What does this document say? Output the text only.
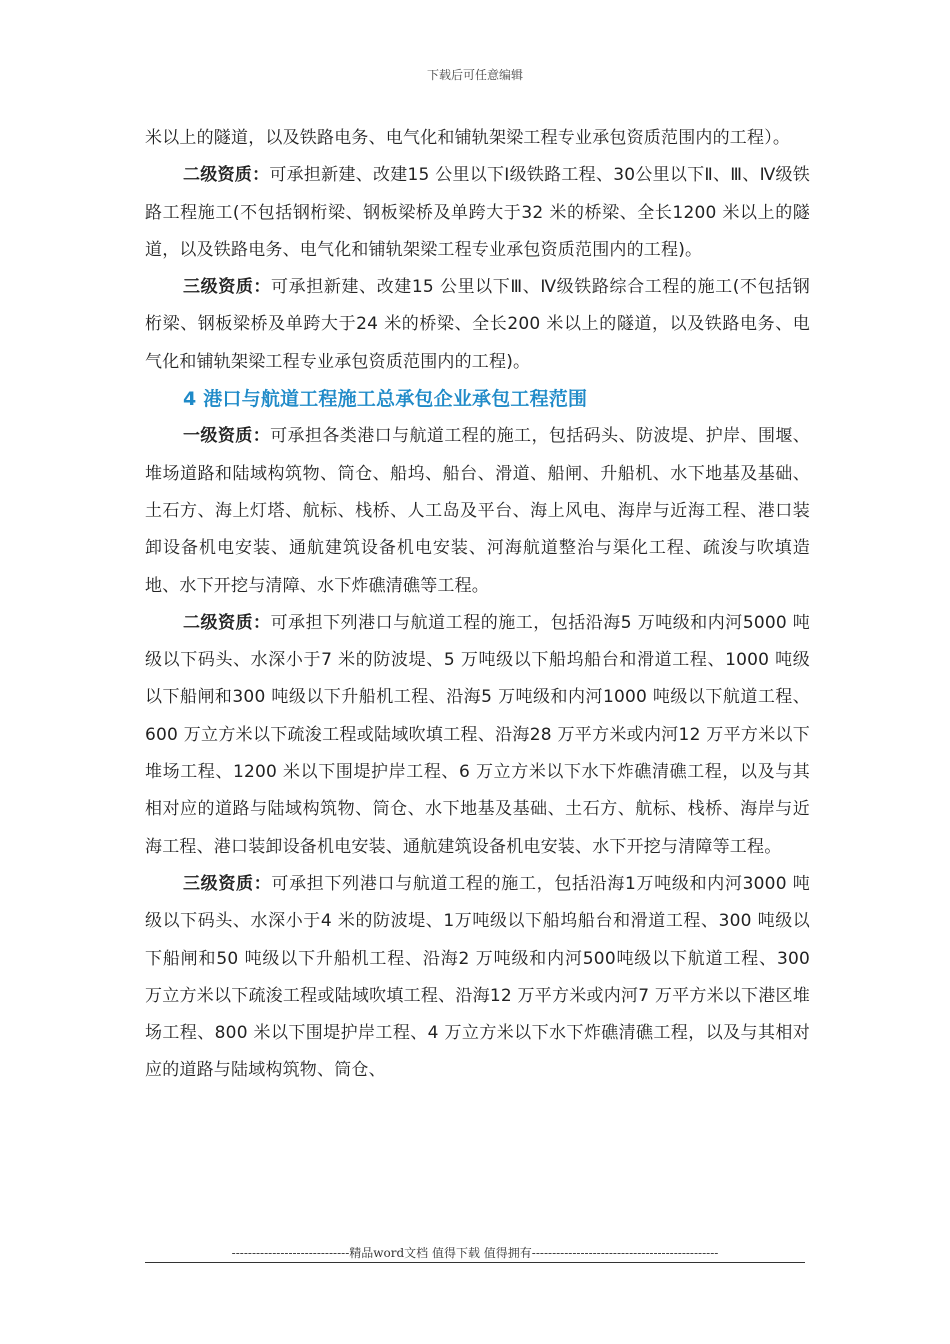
下载后可任意编辑

米以上的隧道，以及铁路电务、电气化和铺轨架梁工程专业承包资质范围内的工程）。

二级资质：可承担新建、改建15 公里以下Ⅰ级铁路工程、30公里以下Ⅱ、Ⅲ、Ⅳ级铁路工程施工(不包括钢桁梁、钢板梁桥及单跨大于32 米的桥梁、全长1200 米以上的隧道，以及铁路电务、电气化和铺轨架梁工程专业承包资质范围内的工程)。

三级资质：可承担新建、改建15 公里以下Ⅲ、Ⅳ级铁路综合工程的施工(不包括钢桁梁、钢板梁桥及单跨大于24 米的桥梁、全长200 米以上的隧道，以及铁路电务、电气化和铺轨架梁工程专业承包资质范围内的工程)。

4 港口与航道工程施工总承包企业承包工程范围

一级资质：可承担各类港口与航道工程的施工，包括码头、防波堤、护岸、围堰、堆场道路和陆域构筑物、筒仓、船坞、船台、滑道、船闸、升船机、水下地基及基础、土石方、海上灯塔、航标、栈桥、人工岛及平台、海上风电、海岸与近海工程、港口装卸设备机电安装、通航建筑设备机电安装、河海航道整治与渠化工程、疏浚与吹填造地、水下开挖与清障、水下炸礁清礁等工程。

二级资质：可承担下列港口与航道工程的施工，包括沿海5 万吨级和内河5000 吨级以下码头、水深小于7 米的防波堤、5 万吨级以下船坞船台和滑道工程、1000 吨级以下船闸和300 吨级以下升船机工程、沿海5 万吨级和内河1000 吨级以下航道工程、600 万立方米以下疏浚工程或陆域吹填工程、沿海28 万平方米或内河12 万平方米以下堆场工程、1200 米以下围堤护岸工程、6 万立方米以下水下炸礁清礁工程，以及与其相对应的道路与陆域构筑物、筒仓、水下地基及基础、土石方、航标、栈桥、海岸与近海工程、港口装卸设备机电安装、通航建筑设备机电安装、水下开挖与清障等工程。

三级资质：可承担下列港口与航道工程的施工，包括沿海1万吨级和内河3000 吨级以下码头、水深小于4 米的防波堤、1万吨级以下船坞船台和滑道工程、300 吨级以下船闸和50 吨级以下升船机工程、沿海2 万吨级和内河500吨级以下航道工程、300 万立方米以下疏浚工程或陆域吹填工程、沿海12 万平方米或内河7 万平方米以下港区堆场工程、800 米以下围堤护岸工程、4 万立方米以下水下炸礁清礁工程，以及与其相对应的道路与陆域构筑物、筒仓、

-----------------------------精品word文档 值得下载 值得拥有----------------------------------------------
